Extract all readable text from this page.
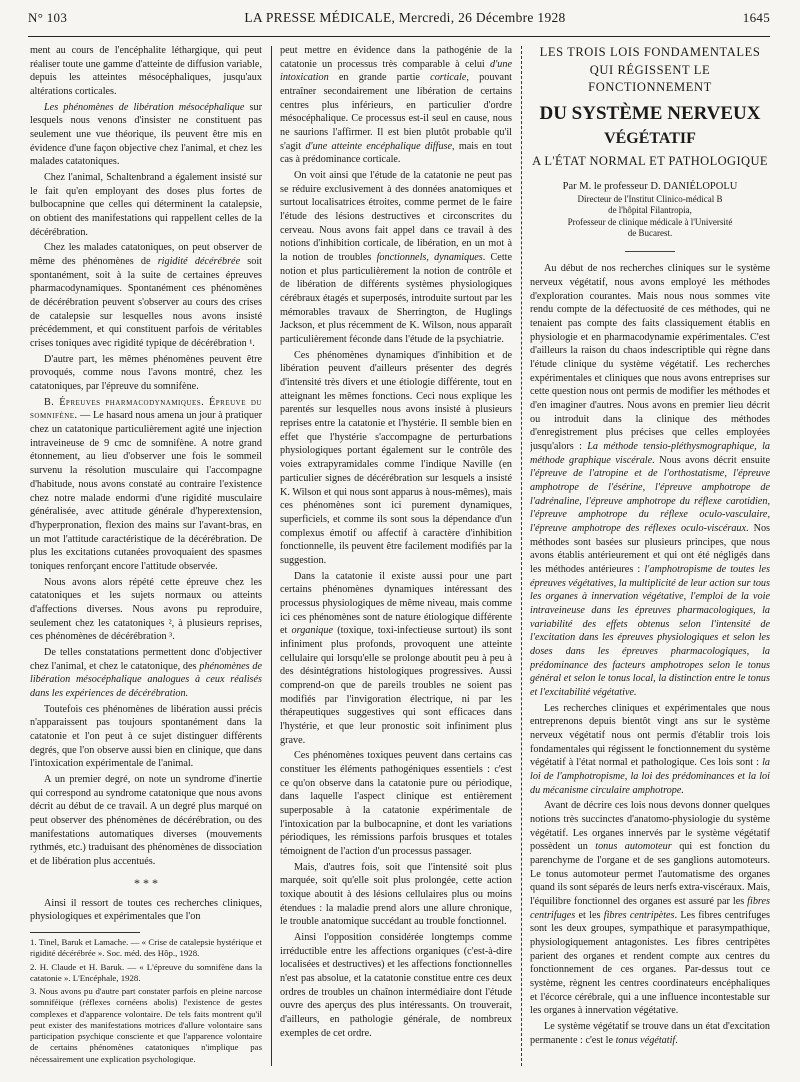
N° 103	LA PRESSE MÉDICALE, Mercredi, 26 Décembre 1928	1645

ment au cours de l'encéphalite léthargique, qui peut réaliser toute une gamme d'atteinte de diffusion variable, depuis les atteintes mésocéphaliques, jusqu'aux altérations corticales.

Les phénomènes de libération mésocéphalique sur lesquels nous venons d'insister ne constituent pas seulement une vue théorique, ils peuvent être mis en évidence d'une façon objective chez l'animal, et chez les malades catatoniques.

Chez l'animal, Schaltenbrand a également insisté sur le fait qu'en employant des doses plus fortes de bulbocapnine que celles qui déterminent la catalepsie, on obtient des manifestations qui rappellent celles de la décérébration.

Chez les malades catatoniques, on peut observer de même des phénomènes de rigidité décérébrée soit spontanément, soit à la suite de certaines épreuves pharmacodynamiques. Spontanément ces phénomènes de décérébration peuvent s'observer au cours des crises de catalepsie sur lesquelles nous avons insisté précédemment, et qui constituent parfois de véritables crises toniques avec rigidité typique de décérébration ¹.

D'autre part, les mêmes phénomènes peuvent être provoqués, comme nous l'avons montré, chez les catatoniques, par l'épreuve du somnifène.

B. Épreuves pharmacodynamiques. Épreuve du somnifène. — Le hasard nous amena un jour à pratiquer chez un catatonique particulièrement agité une injection intraveineuse de 9 cmc de somnifène. A notre grand étonnement, au lieu d'observer une fois le sommeil survenu la résolution musculaire qui l'accompagne d'habitude, nous avons constaté au contraire l'existence chez notre malade endormi d'une rigidité musculaire généralisée, avec attitude générale d'hyperextension, d'hyperpronation, flexion des mains sur l'avant-bras, en un mot l'attitude caractéristique de la décérébration. De plus les excitations cutanées provoquaient des spasmes toniques renforçant encore l'attitude observée.

Nous avons alors répété cette épreuve chez les catatoniques et les sujets normaux ou atteints d'affections diverses. Nous avons pu reproduire, seulement chez les catatoniques ², à plusieurs reprises, ces phénomènes de décérébration ³.

De telles constatations permettent donc d'objectiver chez l'animal, et chez le catatonique, des phénomènes de libération mésocéphalique analogues à ceux réalisés dans les expériences de décérébration.

Toutefois ces phénomènes de libération aussi précis n'apparaissent pas toujours spontanément dans la catatonie et l'on peut à ce sujet distinguer différents degrés, que l'on observe aussi bien en clinique, que dans l'intoxication expérimentale de l'animal.

A un premier degré, on note un syndrome d'inertie qui correspond au syndrome catatonique que nous avons décrit au début de ce travail. A un degré plus marqué on peut observer des phénomènes de décérébration, ou des manifestations automatiques diverses (mouvements rythmés, etc.) traduisant des phénomènes de dissociation et de libération plus accentués.

* * *

Ainsi il ressort de toutes ces recherches cliniques, physiologiques et expérimentales que l'on

1. Tinel, Baruk et Lamache. — « Crise de catalepsie hystérique et rigidité décérébrée ». Soc. méd. des Hôp., 1928.

2. H. Claude et H. Baruk. — « L'épreuve du somnifène dans la catatonie ». L'Encéphale, 1928.

3. Nous avons pu d'autre part constater parfois en pleine narcose somniféique (réflexes cornéens abolis) l'existence de gestes complexes et d'apparence volontaire. De tels faits montrent qu'il peut exister des manifestations motrices d'allure volontaire sans participation psychique consciente et que l'apparence volontaire de certains phénomènes catatoniques n'implique pas nécessairement une explication psychologique.

peut mettre en évidence dans la pathogénie de la catatonie un processus très comparable à celui d'une intoxication en grande partie corticale, pouvant entraîner secondairement une libération de certains centres plus inférieurs, en particulier d'ordre mésocéphalique. Ce processus est-il seul en cause, nous ne saurions l'affirmer. Il est bien plutôt probable qu'il s'agit d'une atteinte encéphalique diffuse, mais en tout cas à prédominance corticale.

On voit ainsi que l'étude de la catatonie ne peut pas se réduire exclusivement à des données anatomiques et surtout localisatrices étroites, comme permet de le faire l'étude des lésions destructives et circonscrites du cerveau. Nous avons fait appel dans ce travail à des notions d'inhibition corticale, de libération, en un mot à la notion de troubles fonctionnels, dynamiques. Cette notion et plus particulièrement la notion de contrôle et de libération de différents systèmes physiologiques cérébraux étagés et superposés, introduite surtout par les mémorables travaux de Sherrington, de Huglings Jackson, et plus récemment de K. Wilson, nous apparaît particulièrement féconde dans l'étude de la psychiatrie.

Ces phénomènes dynamiques d'inhibition et de libération peuvent d'ailleurs présenter des degrés d'intensité très divers et une étiologie différente, tout en atteignant les mêmes fonctions. Ceci nous explique les parentés sur lesquelles nous avons insisté à plusieurs reprises entre la catatonie et l'hystérie. Il semble bien en effet que l'hystérie s'accompagne de perturbations physiologiques portant également sur le contrôle des voies extrapyramidales comme l'indique Naville (en particulier signes de décérébration sur lesquels a insisté K. Wilson et qui nous sont apparus à nous-mêmes), mais ces phénomènes sont ici purement dynamiques, superficiels, et comme ils sont sous la dépendance d'un complexus émotif ou affectif à caractère d'inhibition fonctionnelle, ils peuvent être facilement modifiés par la suggestion.

Dans la catatonie il existe aussi pour une part certains phénomènes dynamiques intéressant des processus physiologiques de même niveau, mais comme ici ces phénomènes sont de nature étiologique différente et organique (toxique, toxi-infectieuse surtout) ils sont infiniment plus profonds, provoquent une atteinte cellulaire qui lorsqu'elle se prolonge aboutit peu à peu à des désintégrations histologiques progressives. Aussi comprend-on que de pareils troubles ne soient pas modifiés par l'invigoration électrique, ni par les thérapeutiques suggestives qui sont efficaces dans l'hystérie, et que leur pronostic soit infiniment plus grave.

Ces phénomènes toxiques peuvent dans certains cas constituer les éléments pathogéniques essentiels : c'est ce qu'on observe dans la catatonie pure ou périodique, dans laquelle l'aspect clinique est entièrement superposable à la catatonie expérimentale de l'intoxication par la bulbocapnine, et dont les variations périodiques, les rémissions parfois brusques et totales témoignent de l'action d'un processus passager.

Mais, d'autres fois, soit que l'intensité soit plus marquée, soit qu'elle soit plus prolongée, cette action toxique aboutit à des lésions cellulaires plus ou moins étendues : la maladie prend alors une allure chronique, le trouble anatomique succédant au trouble fonctionnel.

Ainsi l'opposition considérée longtemps comme irréductible entre les affections organiques (c'est-à-dire localisées et destructives) et les affections fonctionnelles n'est pas absolue, et la catatonie constitue entre ces deux ordres de troubles un chaînon intermédiaire dont l'étude ouvre des aperçus des plus intéressants. On trouverait, d'ailleurs, en pathologie générale, de nombreux exemples de cet ordre.

LES TROIS LOIS FONDAMENTALES
QUI RÉGISSENT LE FONCTIONNEMENT
DU SYSTÈME NERVEUX
VÉGÉTATIF
A L'ÉTAT NORMAL ET PATHOLOGIQUE
Par M. le professeur D. DANIÉLOPOLU
Directeur de l'Institut Clinico-médical B
de l'hôpital Filantropia,
Professeur de clinique médicale à l'Université
de Bucarest.

Au début de nos recherches cliniques sur le système nerveux végétatif, nous avons employé les méthodes d'exploration courantes. Mais nous nous sommes vite rendu compte de la défectuosité de ces méthodes, qui ne tenaient pas compte des faits classiquement établis en physiologie et en pharmacodynamie expérimentales. C'est d'ailleurs la raison du chaos indescriptible qui règne dans l'étude clinique du système végétatif. Les recherches expérimentales et cliniques que nous avons entreprises sur cette question nous ont permis de modifier les méthodes et d'en imaginer d'autres. Nous avons en premier lieu décrit ou introduit dans la clinique des méthodes d'enregistrement plus précises que celles employées jusqu'alors : La méthode tensio-pléthysmographique, la méthode graphique viscérale. Nous avons décrit ensuite l'épreuve de l'atropine et de l'orthostatisme, l'épreuve amphotrope de l'ésérine, l'épreuve amphotrope de l'adrénaline, l'épreuve amphotrope du réflexe carotidien, l'épreuve amphotrope du réflexe oculo-vasculaire, l'épreuve amphotrope des réflexes oculo-viscéraux. Nos méthodes sont basées sur plusieurs principes, que nous avons établis antérieurement et qui ont été négligés dans les méthodes antérieures : l'amphotropisme de toutes les épreuves végétatives, la multiplicité de leur action sur tous les organes à innervation végétative, l'emploi de la voie intraveineuse dans les épreuves pharmacologiques, la variabilité des effets obtenus selon l'intensité de l'excitation dans les épreuves physiologiques et selon les doses dans les épreuves pharmacologiques, la prédominance des facteurs amphotropes selon le tonus général et selon le tonus local, la distinction entre le tonus et l'excitabilité végétative.

Les recherches cliniques et expérimentales que nous entreprenons depuis bientôt vingt ans sur le système nerveux végétatif nous ont permis d'établir trois lois fondamentales qui régissent le fonctionnement du système végétatif à l'état normal et pathologique. Ces lois sont : la loi de l'amphotropisme, la loi des prédominances et la loi du mécanisme circulaire amphotrope.

Avant de décrire ces lois nous devons donner quelques notions très succinctes d'anatomo-physiologie du système végétatif. Les organes innervés par le système végétatif possèdent un tonus automoteur qui est fonction du parenchyme de l'organe et de ses ganglions automoteurs. Le tonus automoteur permet l'automatisme des organes quand ils sont séparés de leurs nerfs extra-viscéraux. Mais, l'équilibre fonctionnel des organes est assuré par les fibres centrifuges et les fibres centripètes. Les fibres centrifuges sont les deux groupes, sympathique et parasympathique, physiologiquement antagonistes. Les fibres centripètes parient des organes et rendent compte aux centres du fonctionnement de ces organes. Par-dessus tout ce système, règnent les centres coordinateurs encéphaliques et l'écorce cérébrale, qui a une influence incontestable sur les organes à innervation végétative.

Le système végétatif se trouve dans un état d'excitation permanente : c'est le tonus végétatif.
